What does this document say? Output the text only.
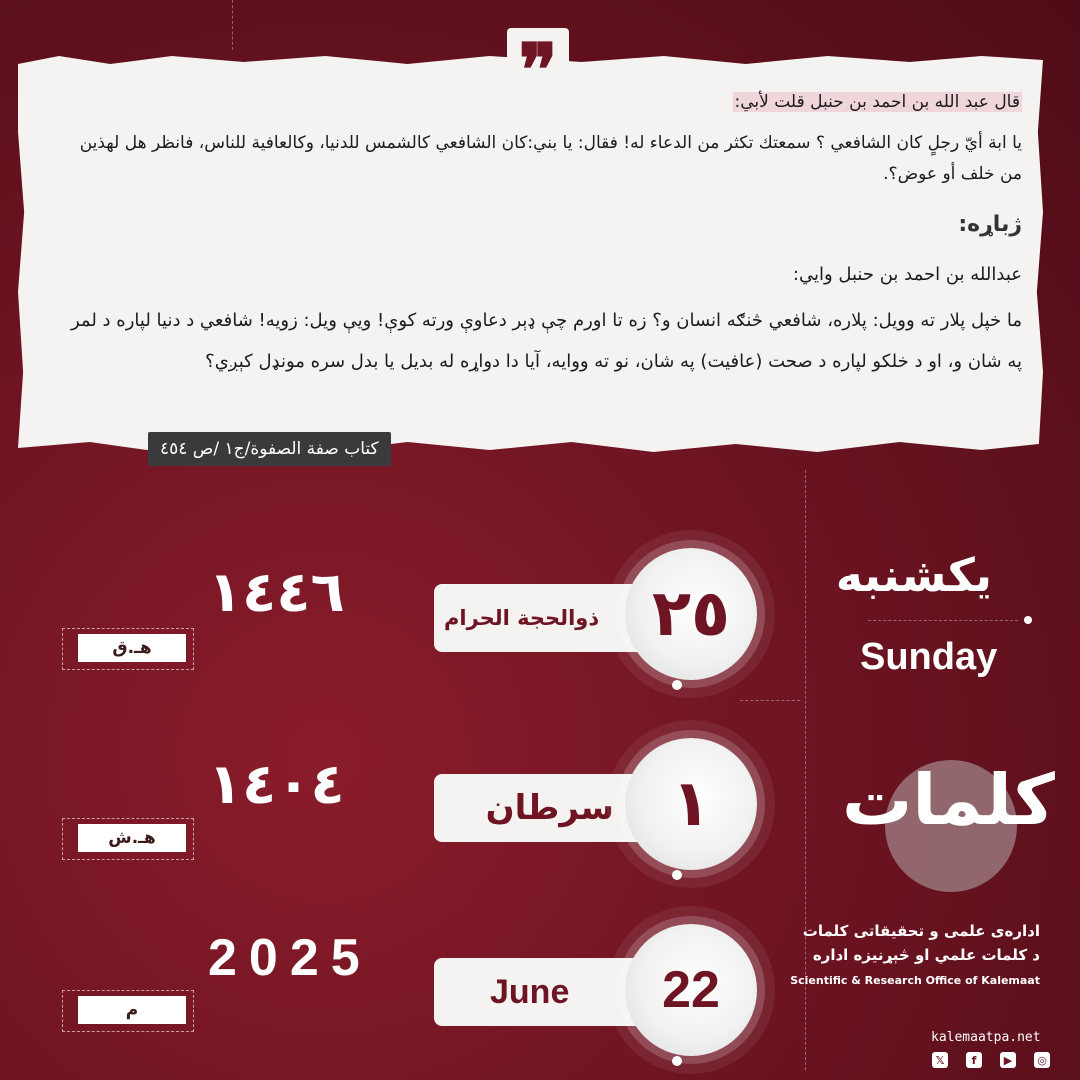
❞	قال عبد الله بن احمد بن حنبل قلت لأبي:
يا ابة أيّ رجلٍ كان الشافعي ؟ سمعتك تكثر من الدعاء له! فقال: يا بني:كان الشافعي كالشمس للدنيا، وكالعافية للناس، فانظر هل لهذين من خلف أو عوض؟.
ژباړه:
عبدالله بن احمد بن حنبل وايي:
ما خپل پلار ته وويل: پلاره، شافعي څنګه انسان و؟ زه تا اورم چې ډېر دعاوې ورته کوې! ويې ويل: زويه! شافعي د دنيا لپاره د لمر په شان و، او د خلکو لپاره د صحت (عافيت) په شان، نو ته ووايه، آيا دا دواړه له بديل يا بدل سره مونډل کېږي؟
كتاب صفة الصفوة/ج١ /ص ٤٥٤
یکشنبه
Sunday
ذوالحجة الحرام ٢٥
١٤٤٦
هـ.ق
سرطان ١
١٤٠٤
هـ.ش
June	22
2025
م
كلمات
اداره‌ی علمی و تحقیقاتی کلمات
د کلمات علمي او څېړنيزه اداره
Scientific & Research Office of Kalemaat
kalemaatpa.net
𝕏	f	▶	◎
